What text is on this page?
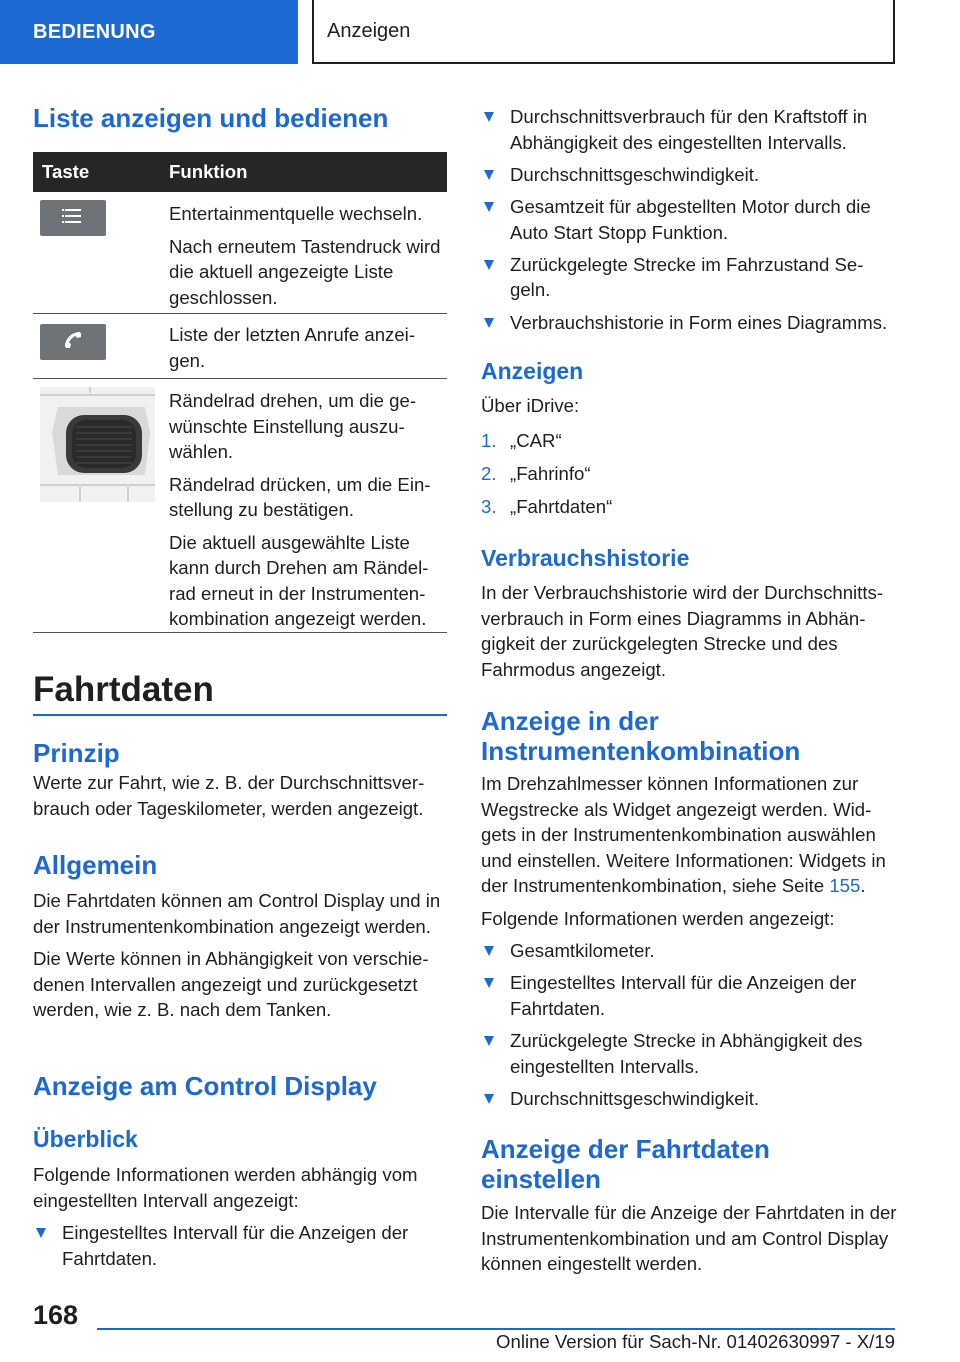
BEDIENUNG	Anzeigen
Liste anzeigen und bedienen
Taste	Funktion

Entertainmentquelle wechseln.

Nach erneutem Tastendruck wird die aktuell angezeigte Liste geschlossen.

Liste der letzten Anrufe anzeigen.

Rändelrad drehen, um die gewünschte Einstellung auszuwählen.

Rändelrad drücken, um die Einstellung zu bestätigen.

Die aktuell ausgewählte Liste kann durch Drehen am Rändelrad erneut in der Instrumentenkombination angezeigt werden.

Fahrtdaten
Prinzip

Werte zur Fahrt, wie z. B. der Durchschnittsverbrauch oder Tageskilometer, werden angezeigt.

Allgemein

Die Fahrtdaten können am Control Display und in der Instrumentenkombination angezeigt werden.

Die Werte können in Abhängigkeit von verschiedenen Intervallen angezeigt und zurückgesetzt werden, wie z. B. nach dem Tanken.

Anzeige am Control Display
Überblick

Folgende Informationen werden abhängig vom eingestellten Intervall angezeigt:

Eingestelltes Intervall für die Anzeigen der Fahrtdaten.
Durchschnittsverbrauch für den Kraftstoff in Abhängigkeit des eingestellten Intervalls.
Durchschnittsgeschwindigkeit.
Gesamtzeit für abgestellten Motor durch die Auto Start Stopp Funktion.
Zurückgelegte Strecke im Fahrzustand Segeln.
Verbrauchshistorie in Form eines Diagramms.
Anzeigen

Über iDrive:

1. „CAR“
2. „Fahrinfo“
3. „Fahrtdaten“
Verbrauchshistorie

In der Verbrauchshistorie wird der Durchschnittsverbrauch in Form eines Diagramms in Abhängigkeit der zurückgelegten Strecke und des Fahrmodus angezeigt.

Anzeige in der Instrumentenkombination

Im Drehzahlmesser können Informationen zur Wegstrecke als Widget angezeigt werden. Widgets in der Instrumentenkombination auswählen und einstellen. Weitere Informationen: Widgets in der Instrumentenkombination, siehe Seite 155.

Folgende Informationen werden angezeigt:

Gesamtkilometer.
Eingestelltes Intervall für die Anzeigen der Fahrtdaten.
Zurückgelegte Strecke in Abhängigkeit des eingestellten Intervalls.
Durchschnittsgeschwindigkeit.
Anzeige der Fahrtdaten einstellen

Die Intervalle für die Anzeige der Fahrtdaten in der Instrumentenkombination und am Control Display können eingestellt werden.

168
Online Version für Sach-Nr. 01402630997 - X/19
